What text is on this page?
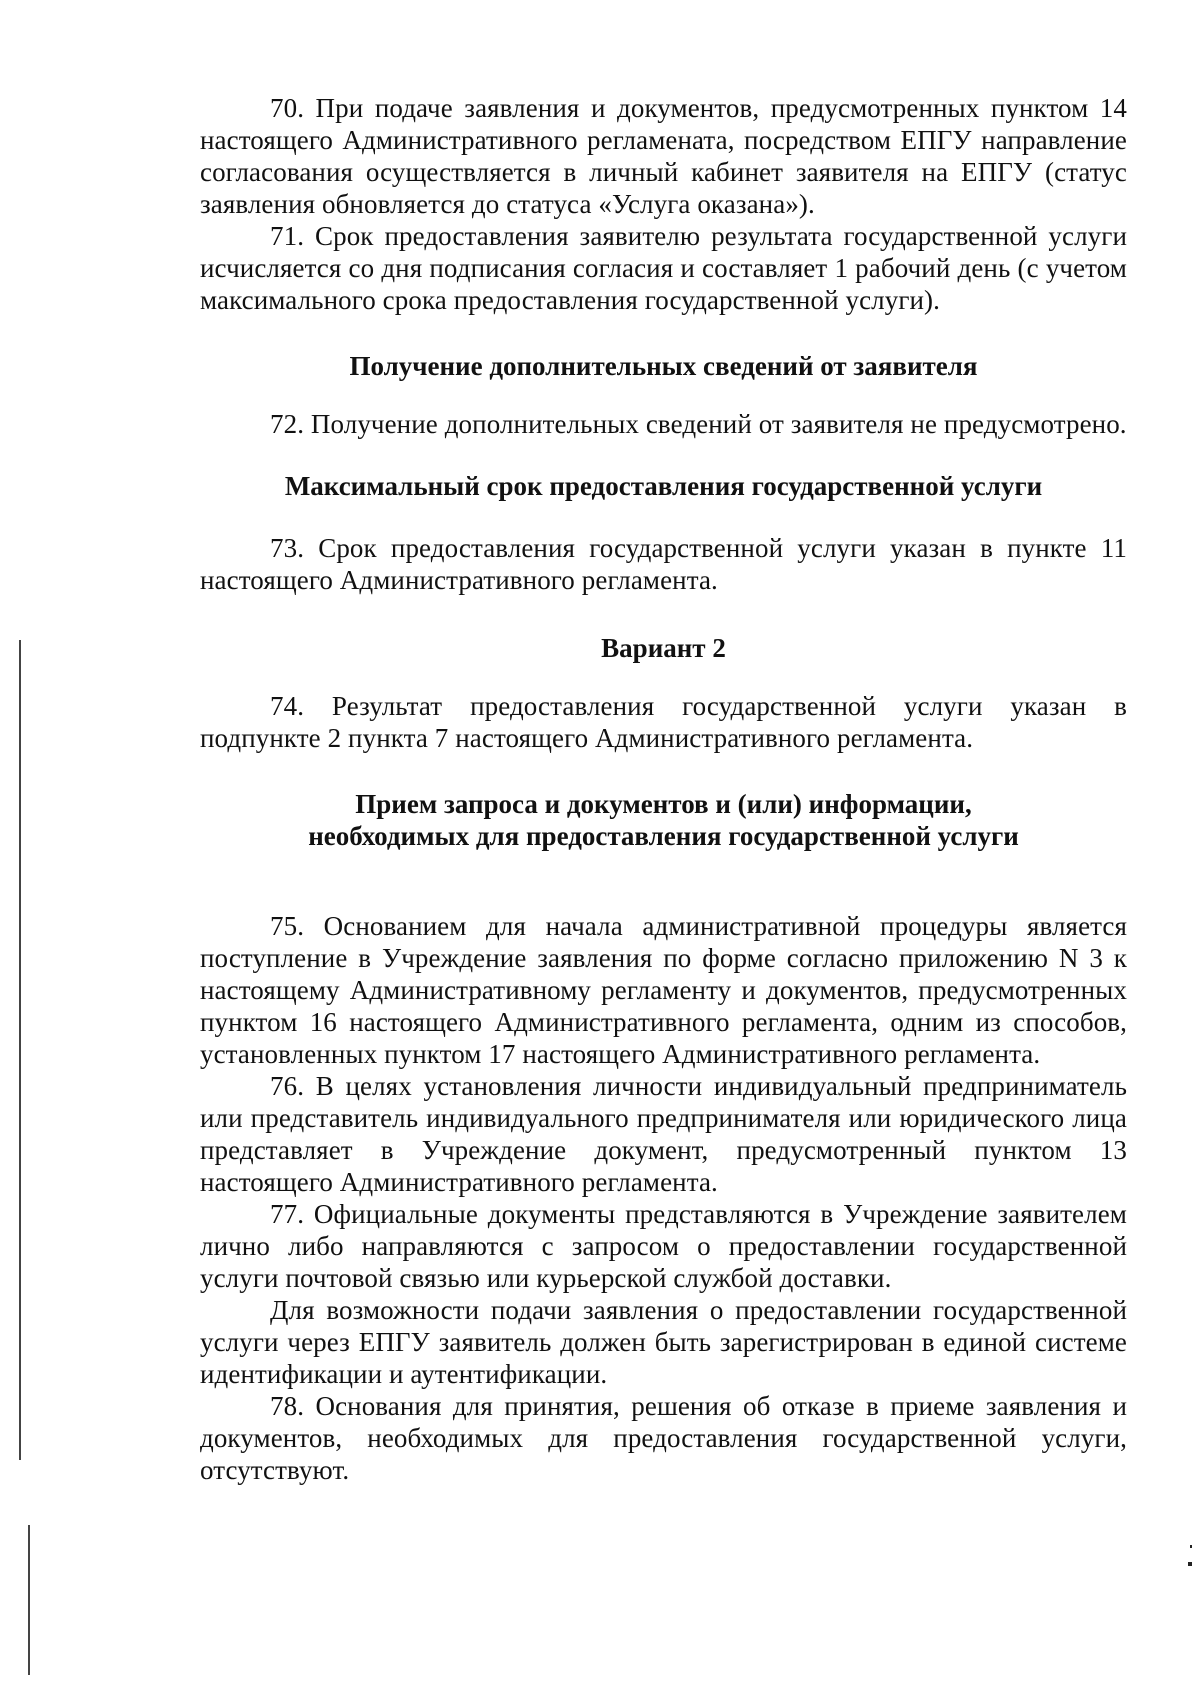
70. При подаче заявления и документов, предусмотренных пунктом 14 настоящего Административного регламената, посредством ЕПГУ направление согласования осуществляется в личный кабинет заявителя на ЕПГУ (статус заявления обновляется до статуса «Услуга оказана»).

71. Срок предоставления заявителю результата государственной услуги исчисляется со дня подписания согласия и составляет 1 рабочий день (с учетом максимального срока предоставления государственной услуги).

Получение дополнительных сведений от заявителя

72. Получение дополнительных сведений от заявителя не предусмотрено.

Максимальный срок предоставления государственной услуги

73. Срок предоставления государственной услуги указан в пункте 11 настоящего Административного регламента.

Вариант 2

74. Результат предоставления государственной услуги указан в подпункте 2 пункта 7 настоящего Административного регламента.

Прием запроса и документов и (или) информации,
необходимых для предоставления государственной услуги

75. Основанием для начала административной процедуры является поступление в Учреждение заявления по форме согласно приложению N 3 к настоящему Административному регламенту и документов, предусмотренных пунктом 16 настоящего Административного регламента, одним из способов, установленных пунктом 17 настоящего Административного регламента.

76. В целях установления личности индивидуальный предприниматель или представитель индивидуального предпринимателя или юридического лица представляет в Учреждение документ, предусмотренный пунктом 13 настоящего Административного регламента.

77. Официальные документы представляются в Учреждение заявителем лично либо направляются с запросом о предоставлении государственной услуги почтовой связью или курьерской службой доставки.

Для возможности подачи заявления о предоставлении государственной услуги через ЕПГУ заявитель должен быть зарегистрирован в единой системе идентификации и аутентификации.

78. Основания для принятия, решения об отказе в приеме заявления и документов, необходимых для предоставления государственной услуги, отсутствуют.
